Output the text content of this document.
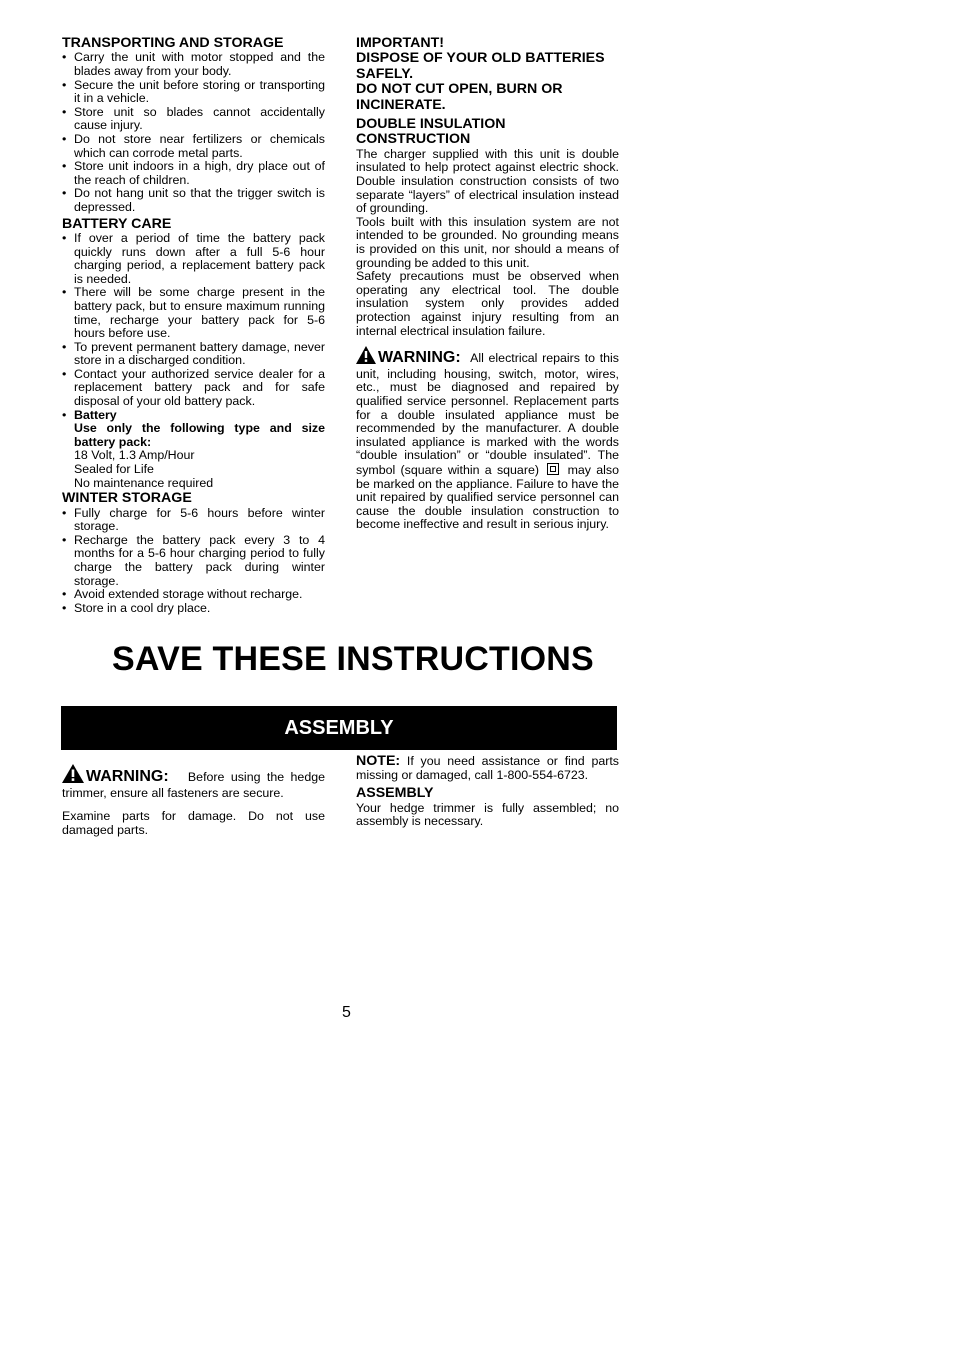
TRANSPORTING AND STORAGE
• Carry the unit with motor stopped and the blades away from your body.
• Secure the unit before storing or transporting it in a vehicle.
• Store unit so blades cannot accidentally cause injury.
• Do not store near fertilizers or chemicals which can corrode metal parts.
• Store unit indoors in a high, dry place out of the reach of children.
• Do not hang unit so that the trigger switch is depressed.
BATTERY CARE
• If over a period of time the battery pack quickly runs down after a full 5-6 hour charging period, a replacement battery pack is needed.
• There will be some charge present in the battery pack, but to ensure maximum running time, recharge your battery pack for 5-6 hours before use.
• To prevent permanent battery damage, never store in a discharged condition.
• Contact your authorized service dealer for a replacement battery pack and for safe disposal of your old battery pack.
• Battery
Use only the following type and size battery pack:
18 Volt, 1.3 Amp/Hour
Sealed for Life
No maintenance required
WINTER STORAGE
• Fully charge for 5-6 hours before winter storage.
• Recharge the battery pack every 3 to 4 months for a 5-6 hour charging period to fully charge the battery pack during winter storage.
• Avoid extended storage without recharge.
• Store in a cool dry place.
IMPORTANT!
DISPOSE OF YOUR OLD BATTERIES SAFELY.
DO NOT CUT OPEN, BURN OR INCINERATE.
DOUBLE INSULATION CONSTRUCTION

The charger supplied with this unit is double insulated to help protect against electric shock. Double insulation construction consists of two separate “layers” of electrical insulation instead of grounding.

Tools built with this insulation system are not intended to be grounded. No grounding means is provided on this unit, nor should a means of grounding be added to this unit.

Safety precautions must be observed when operating any electrical tool. The double insulation system only provides added protection against injury resulting from an internal electrical insulation failure.

WARNING: All electrical repairs to this unit, including housing, switch, motor, wires, etc., must be diagnosed and repaired by qualified service personnel. Replacement parts for a double insulated appliance must be recommended by the manufacturer. A double insulated appliance is marked with the words “double insulation” or “double insulated”. The symbol (square within a square) may also be marked on the appliance. Failure to have the unit repaired by qualified service personnel can cause the double insulation construction to become ineffective and result in serious injury.

SAVE THESE INSTRUCTIONS
ASSEMBLY

WARNING: Before using the hedge trimmer, ensure all fasteners are secure.

Examine parts for damage. Do not use damaged parts.

NOTE: If you need assistance or find parts missing or damaged, call 1-800-554-6723.

ASSEMBLY

Your hedge trimmer is fully assembled; no assembly is necessary.

5
